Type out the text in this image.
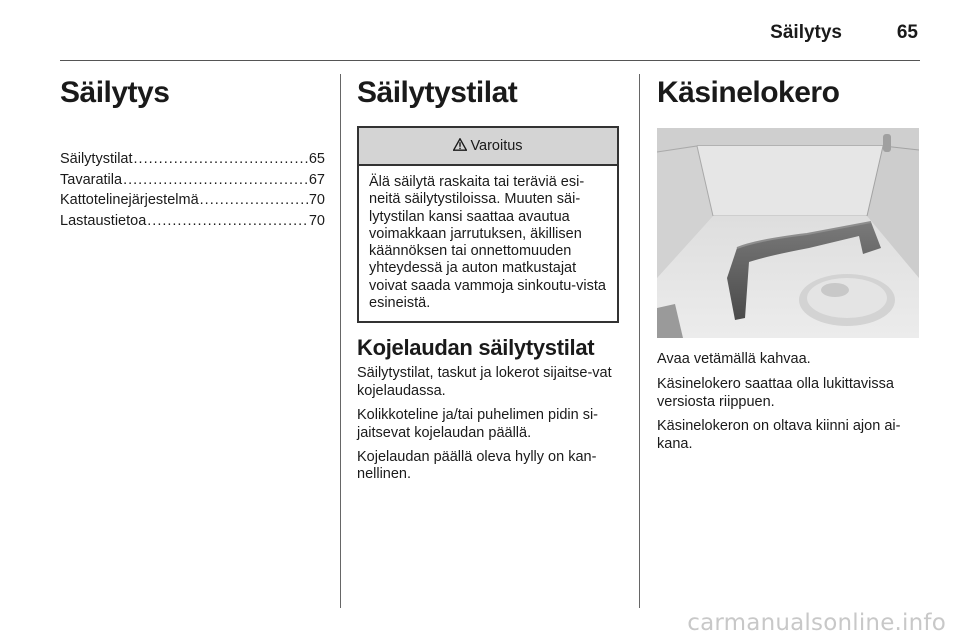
Säilytys	65
Säilytys
Säilytystilat .....	65
Tavaratila .....	67
Kattotelinejärjestelmä .....	70
Lastaustietoa .....	70
Säilytystilat
Varoitus
Älä säilytä raskaita tai teräviä esi-neitä säilytystiloissa. Muuten säi-lytystilan kansi saattaa avautua voimakkaan jarrutuksen, äkillisen käännöksen tai onnettomuuden yhteydessä ja auton matkustajat voivat saada vammoja sinkoutu-vista esineistä.
Kojelaudan säilytystilat

Säilytystilat, taskut ja lokerot sijaitse-vat kojelaudassa.

Kolikkoteline ja/tai puhelimen pidin si-jaitsevat kojelaudan päällä.

Kojelaudan päällä oleva hylly on kan-nellinen.

Käsinelokero

Avaa vetämällä kahvaa.

Käsinelokero saattaa olla lukittavissa versiosta riippuen.

Käsinelokeron on oltava kiinni ajon ai-kana.

carmanualsonline.info
